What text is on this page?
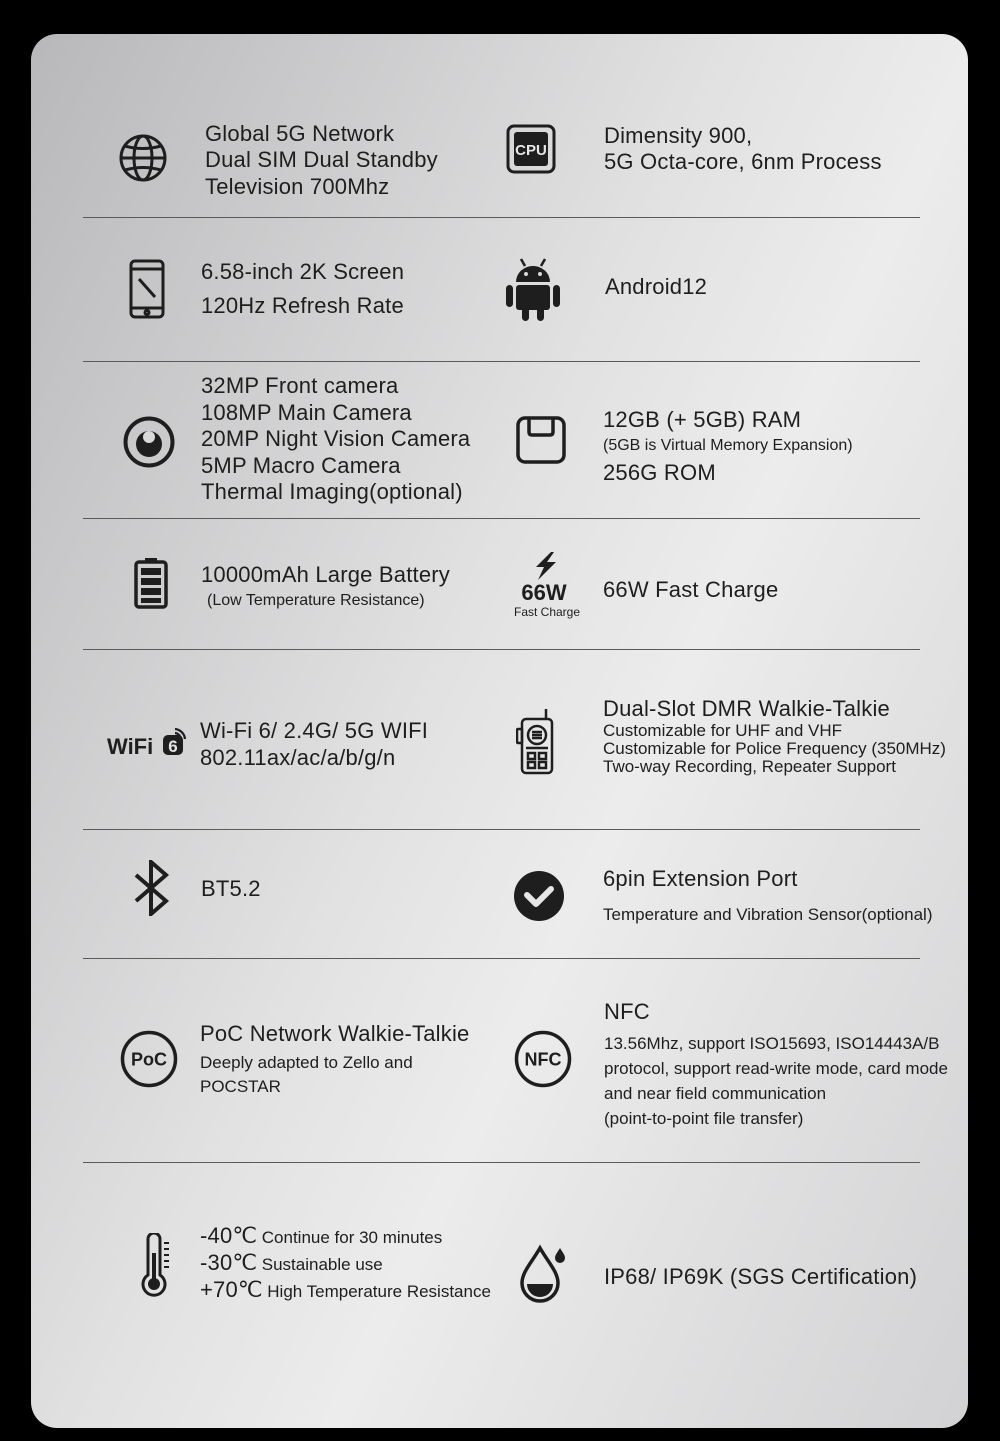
Global 5G Network
Dual SIM Dual Standby
Television 700Mhz
CPU
Dimensity 900,
5G Octa-core, 6nm Process
6.58-inch 2K Screen
120Hz Refresh Rate
Android12
32MP Front camera
108MP Main Camera
20MP Night Vision Camera
5MP Macro Camera
Thermal Imaging(optional)
12GB (+ 5GB) RAM
(5GB is Virtual Memory Expansion)
256G ROM
10000mAh Large Battery
(Low Temperature Resistance)	66W
Fast Charge
66W Fast Charge
WiFi 6
Wi-Fi 6/ 2.4G/ 5G WIFI
802.11ax/ac/a/b/g/n
Dual-Slot DMR Walkie-Talkie
Customizable for UHF and VHF
Customizable for Police Frequency (350MHz)
Two-way Recording, Repeater Support
BT5.2	6pin Extension Port
Temperature and Vibration Sensor(optional)
PoC
PoC Network Walkie-Talkie
Deeply adapted to Zello and
POCSTAR
NFC
NFC
13.56Mhz, support ISO15693, ISO14443A/B
protocol, support read-write mode, card mode
and near field communication
(point-to-point file transfer)
-40℃ Continue for 30 minutes
-30℃ Sustainable use
+70℃ High Temperature Resistance
IP68/ IP69K (SGS Certification)
